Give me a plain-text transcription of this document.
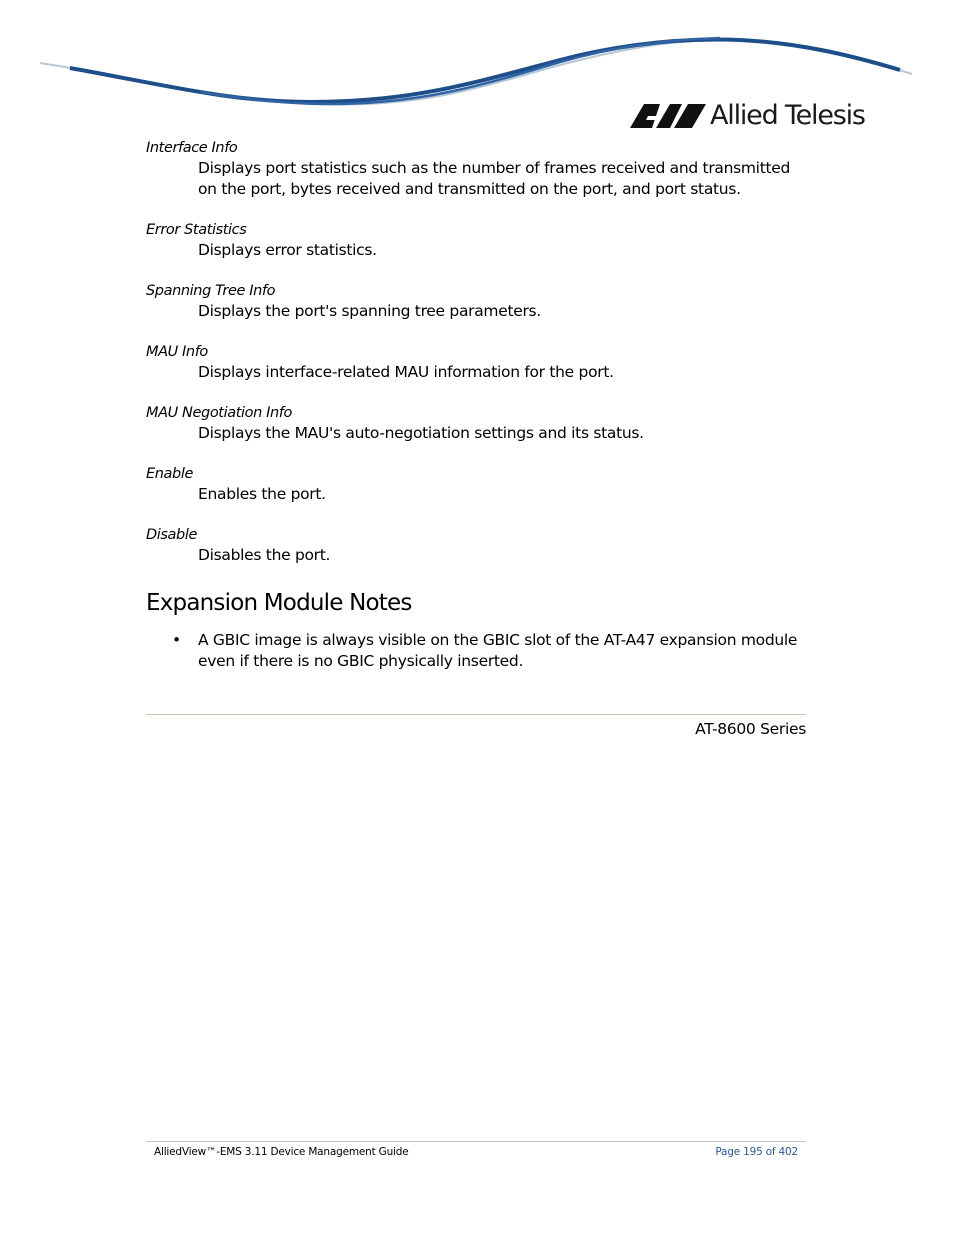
Allied Telesis
Interface Info
Displays port statistics such as the number of frames received and transmitted on the port, bytes received and transmitted on the port, and port status.
Error Statistics
Displays error statistics.
Spanning Tree Info
Displays the port's spanning tree parameters.
MAU Info
Displays interface-related MAU information for the port.
MAU Negotiation Info
Displays the MAU's auto-negotiation settings and its status.
Enable
Enables the port.
Disable
Disables the port.
Expansion Module Notes
• A GBIC image is always visible on the GBIC slot of the AT-A47 expansion module even if there is no GBIC physically inserted.
AT-8600 Series
AlliedView™-EMS 3.11 Device Management Guide	Page 195 of 402
